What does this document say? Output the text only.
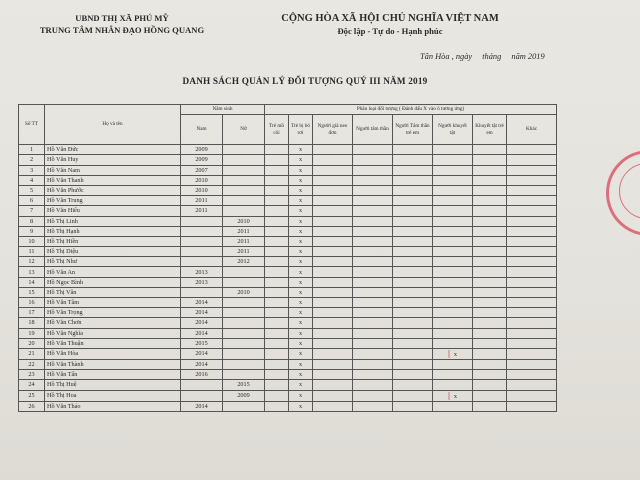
UBND THỊ XÃ PHÚ MỸ
TRUNG TÂM NHÂN ĐẠO HỒNG QUANG
CỘNG HÒA XÃ HỘI CHỦ NGHĨA VIỆT NAM
Độc lập - Tự do - Hạnh phúc
Tân Hòa , ngày tháng năm 2019
DANH SÁCH QUẢN LÝ ĐỐI TƯỢNG QUÝ III NĂM 2019
Số TT	Họ và tên	Năm sinh		Phân loại đối tượng ( Đánh dấu X vào ô tương ứng)							
		Nam	Nữ	Trẻ mồ côi	Trẻ bị bỏ rơi	Người già neo đơn	Người tâm thần	Người Tâm thần trẻ em	Người khuyết tật	Khuyết tật trẻ em	Khác
1	Hồ Văn Đức	2009			x						
2	Hồ Văn Huy	2009			x						
3	Hồ Văn Nam	2007			x						
4	Hồ Văn Thanh	2010			x						
5	Hồ Văn Phước	2010			x						
6	Hồ Văn Trung	2011			x						
7	Hồ Văn Hiếu	2011			x						
8	Hồ Thị Linh		2010		x						
9	Hồ Thị Hạnh		2011		x						
10	Hồ Thị Hiền		2011		x						
11	Hồ Thị Diệu		2011		x						
12	Hồ Thị Như		2012		x						
13	Hồ Văn An	2013			x						
14	Hồ Ngọc Bình	2013			x						
15	Hồ Thị Vân		2010		x						
16	Hồ Văn Tâm	2014			x						
17	Hồ Văn Trọng	2014			x						
18	Hồ Văn Chơn	2014			x						
19	Hồ Văn Nghĩa	2014			x						
20	Hồ Văn Thuận	2015			x						
21	Hồ Văn Hòa	2014			x				| x		
22	Hồ Văn Thành	2014			x						
23	Hồ Văn Tấn	2016			x						
24	Hồ Thị Huệ		2015		x						
25	Hồ Thị Hoa		2009		x				| x		
26	Hồ Văn Thảo	2014			x						
